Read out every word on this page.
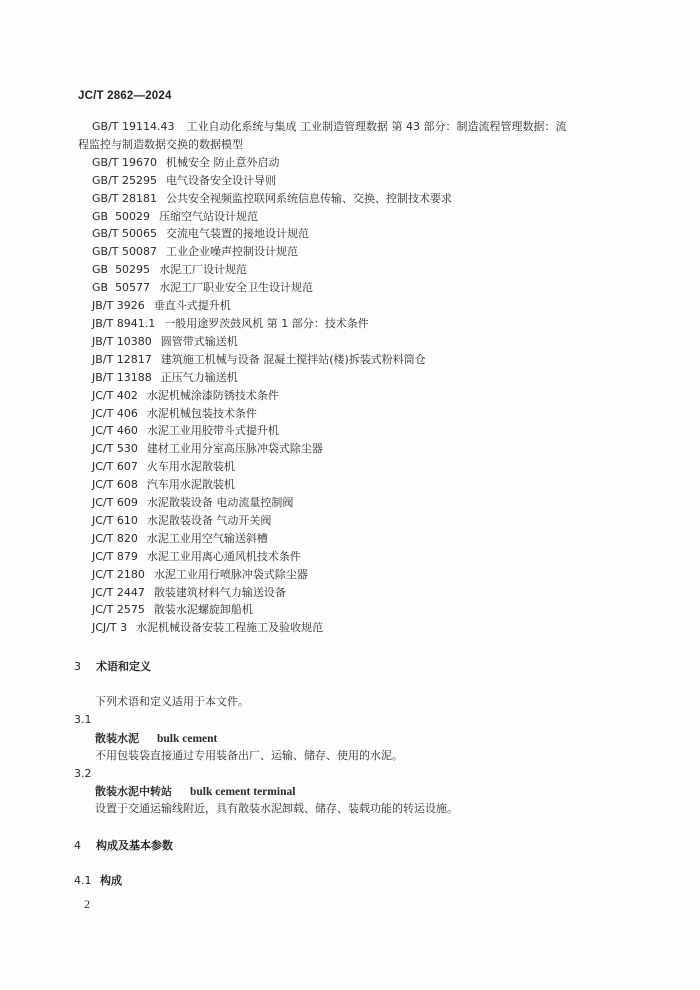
JC/T 2862—2024
GB/T 19114.43 工业自动化系统与集成 工业制造管理数据 第 43 部分：制造流程管理数据：流
程监控与制造数据交换的数据模型
GB/T 19670 机械安全 防止意外启动
GB/T 25295 电气设备安全设计导则
GB/T 28181 公共安全视频监控联网系统信息传输、交换、控制技术要求
GB  50029 压缩空气站设计规范
GB/T 50065 交流电气装置的接地设计规范
GB/T 50087 工业企业噪声控制设计规范
GB  50295 水泥工厂设计规范
GB  50577 水泥工厂职业安全卫生设计规范
JB/T 3926 垂直斗式提升机
JB/T 8941.1 一般用途罗茨鼓风机 第 1 部分：技术条件
JB/T 10380 圆管带式输送机
JB/T 12817 建筑施工机械与设备 混凝土搅拌站(楼)拆装式粉料筒仓
JB/T 13188 正压气力输送机
JC/T 402 水泥机械涂漆防锈技术条件
JC/T 406 水泥机械包装技术条件
JC/T 460 水泥工业用胶带斗式提升机
JC/T 530 建材工业用分室高压脉冲袋式除尘器
JC/T 607 火车用水泥散装机
JC/T 608 汽车用水泥散装机
JC/T 609 水泥散装设备 电动流量控制阀
JC/T 610 水泥散装设备 气动开关阀
JC/T 820 水泥工业用空气输送斜槽
JC/T 879 水泥工业用离心通风机技术条件
JC/T 2180 水泥工业用行喷脉冲袋式除尘器
JC/T 2447 散装建筑材料气力输送设备
JC/T 2575 散装水泥螺旋卸船机
JCJ/T 3 水泥机械设备安装工程施工及验收规范
3 术语和定义
下列术语和定义适用于本文件。
3.1
散装水泥 bulk cement
不用包装袋直接通过专用装备出厂、运输、储存、使用的水泥。
3.2
散装水泥中转站 bulk cement terminal
设置于交通运输线附近，具有散装水泥卸载、储存、装载功能的转运设施。
4 构成及基本参数
4.1 构成
2
